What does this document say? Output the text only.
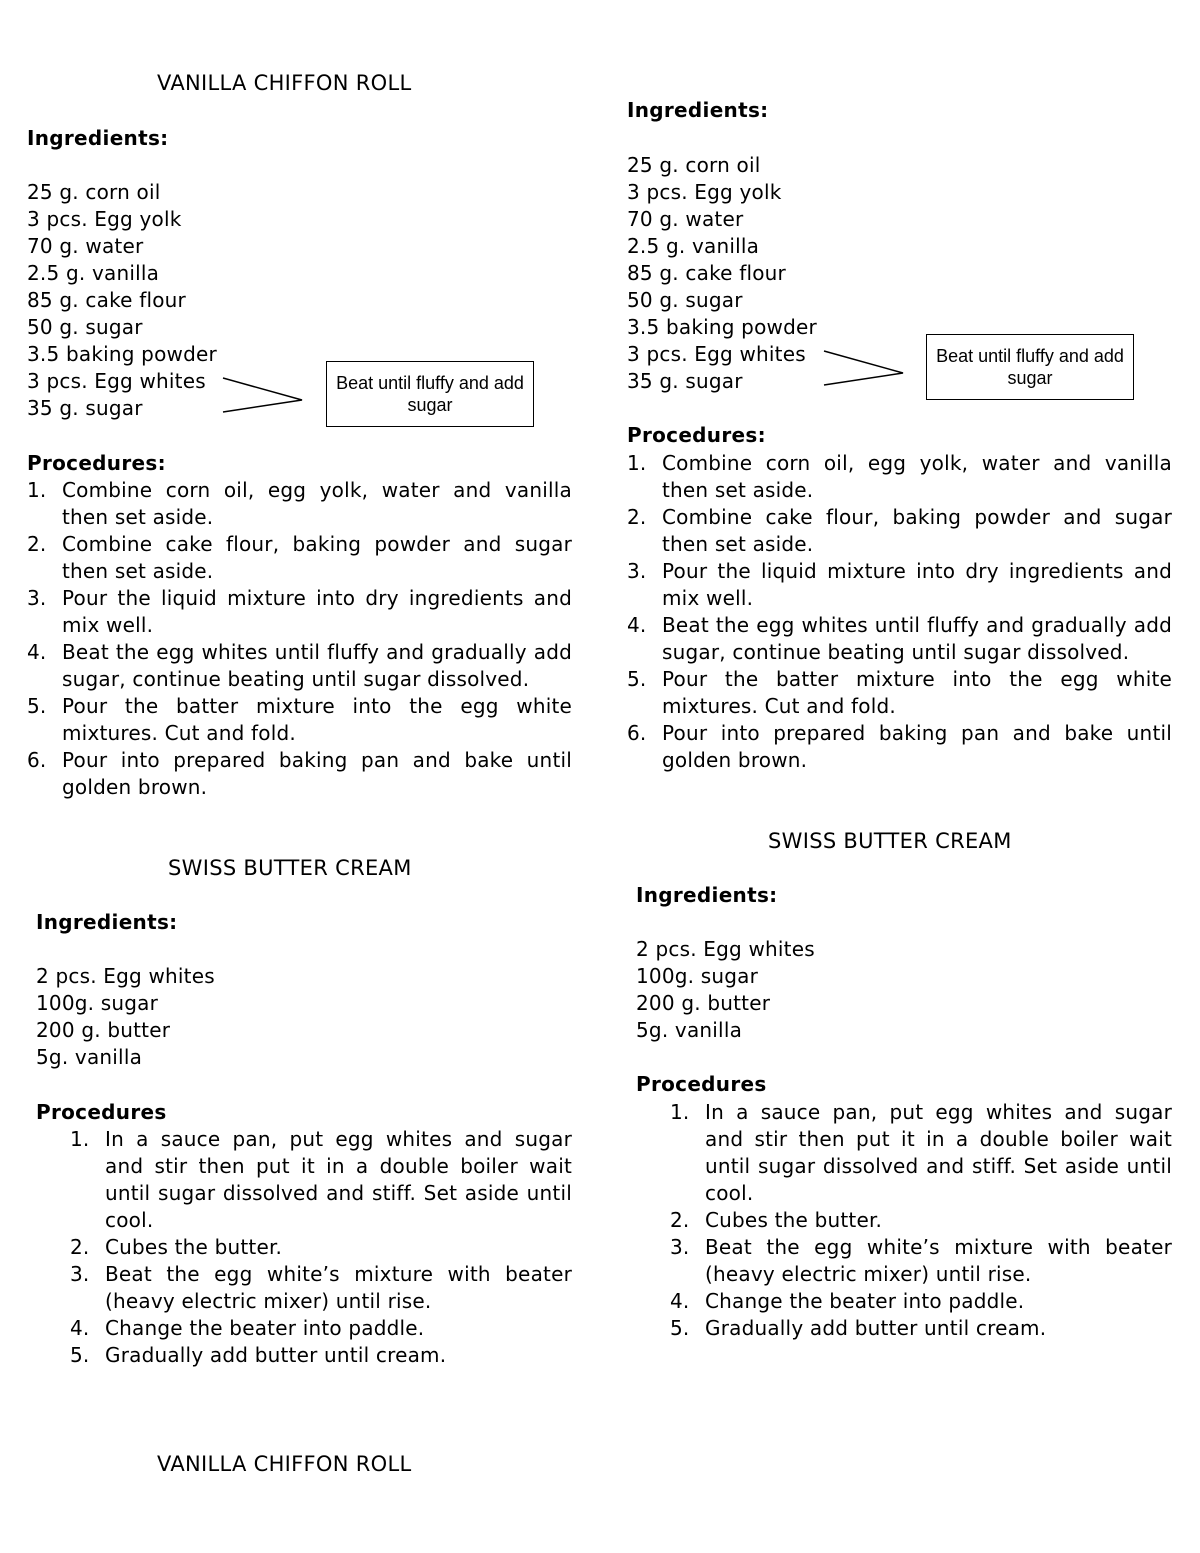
VANILLA CHIFFON ROLL
Ingredients:
25 g. corn oil
3 pcs. Egg yolk
70 g. water
2.5 g. vanilla
85 g. cake flour
50 g. sugar
3.5 baking powder
3 pcs. Egg whites
35 g. sugar
Beat until fluffy and add sugar
Procedures:
1. Combine corn oil, egg yolk, water and vanilla then set aside.
2. Combine cake flour, baking powder and sugar then set aside.
3. Pour the liquid mixture into dry ingredients and mix well.
4. Beat the egg whites until fluffy and gradually add sugar, continue beating until sugar dissolved.
5. Pour the batter mixture into the egg white mixtures. Cut and fold.
6. Pour into prepared baking pan and bake until golden brown.
SWISS BUTTER CREAM
Ingredients:
2 pcs. Egg whites
100g. sugar
200 g. butter
5g. vanilla
Procedures
1. In a sauce pan, put egg whites and sugar and stir then put it in a double boiler wait until sugar dissolved and stiff. Set aside until cool.
2. Cubes the butter.
3. Beat the egg white’s mixture with beater (heavy electric mixer) until rise.
4. Change the beater into paddle.
5. Gradually add butter until cream.
VANILLA CHIFFON ROLL
Ingredients:
25 g. corn oil
3 pcs. Egg yolk
70 g. water
2.5 g. vanilla
85 g. cake flour
50 g. sugar
3.5 baking powder
3 pcs. Egg whites
35 g. sugar
Beat until fluffy and add sugar
Procedures:
1. Combine corn oil, egg yolk, water and vanilla then set aside.
2. Combine cake flour, baking powder and sugar then set aside.
3. Pour the liquid mixture into dry ingredients and mix well.
4. Beat the egg whites until fluffy and gradually add sugar, continue beating until sugar dissolved.
5. Pour the batter mixture into the egg white mixtures. Cut and fold.
6. Pour into prepared baking pan and bake until golden brown.
SWISS BUTTER CREAM
Ingredients:
2 pcs. Egg whites
100g. sugar
200 g. butter
5g. vanilla
Procedures
1. In a sauce pan, put egg whites and sugar and stir then put it in a double boiler wait until sugar dissolved and stiff. Set aside until cool.
2. Cubes the butter.
3. Beat the egg white’s mixture with beater (heavy electric mixer) until rise.
4. Change the beater into paddle.
5. Gradually add butter until cream.
